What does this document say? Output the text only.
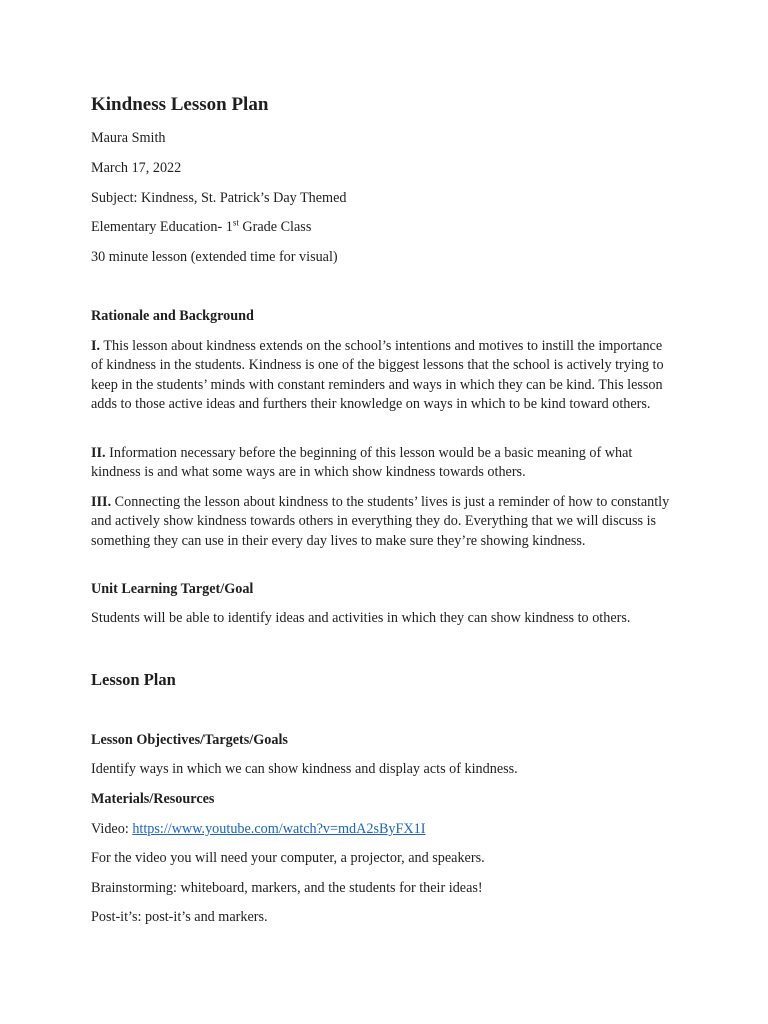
Kindness Lesson Plan

Maura Smith

March 17, 2022

Subject: Kindness, St. Patrick’s Day Themed

Elementary Education- 1st Grade Class

30 minute lesson (extended time for visual)

Rationale and Background

I. This lesson about kindness extends on the school’s intentions and motives to instill the importance of kindness in the students. Kindness is one of the biggest lessons that the school is actively trying to keep in the students’ minds with constant reminders and ways in which they can be kind. This lesson adds to those active ideas and furthers their knowledge on ways in which to be kind toward others.

II. Information necessary before the beginning of this lesson would be a basic meaning of what kindness is and what some ways are in which show kindness towards others.

III. Connecting the lesson about kindness to the students’ lives is just a reminder of how to constantly and actively show kindness towards others in everything they do. Everything that we will discuss is something they can use in their every day lives to make sure they’re showing kindness.

Unit Learning Target/Goal

Students will be able to identify ideas and activities in which they can show kindness to others.

Lesson Plan
Lesson Objectives/Targets/Goals

Identify ways in which we can show kindness and display acts of kindness.

Materials/Resources

Video: https://www.youtube.com/watch?v=mdA2sByFX1I

For the video you will need your computer, a projector, and speakers.

Brainstorming: whiteboard, markers, and the students for their ideas!

Post-it’s: post-it’s and markers.
